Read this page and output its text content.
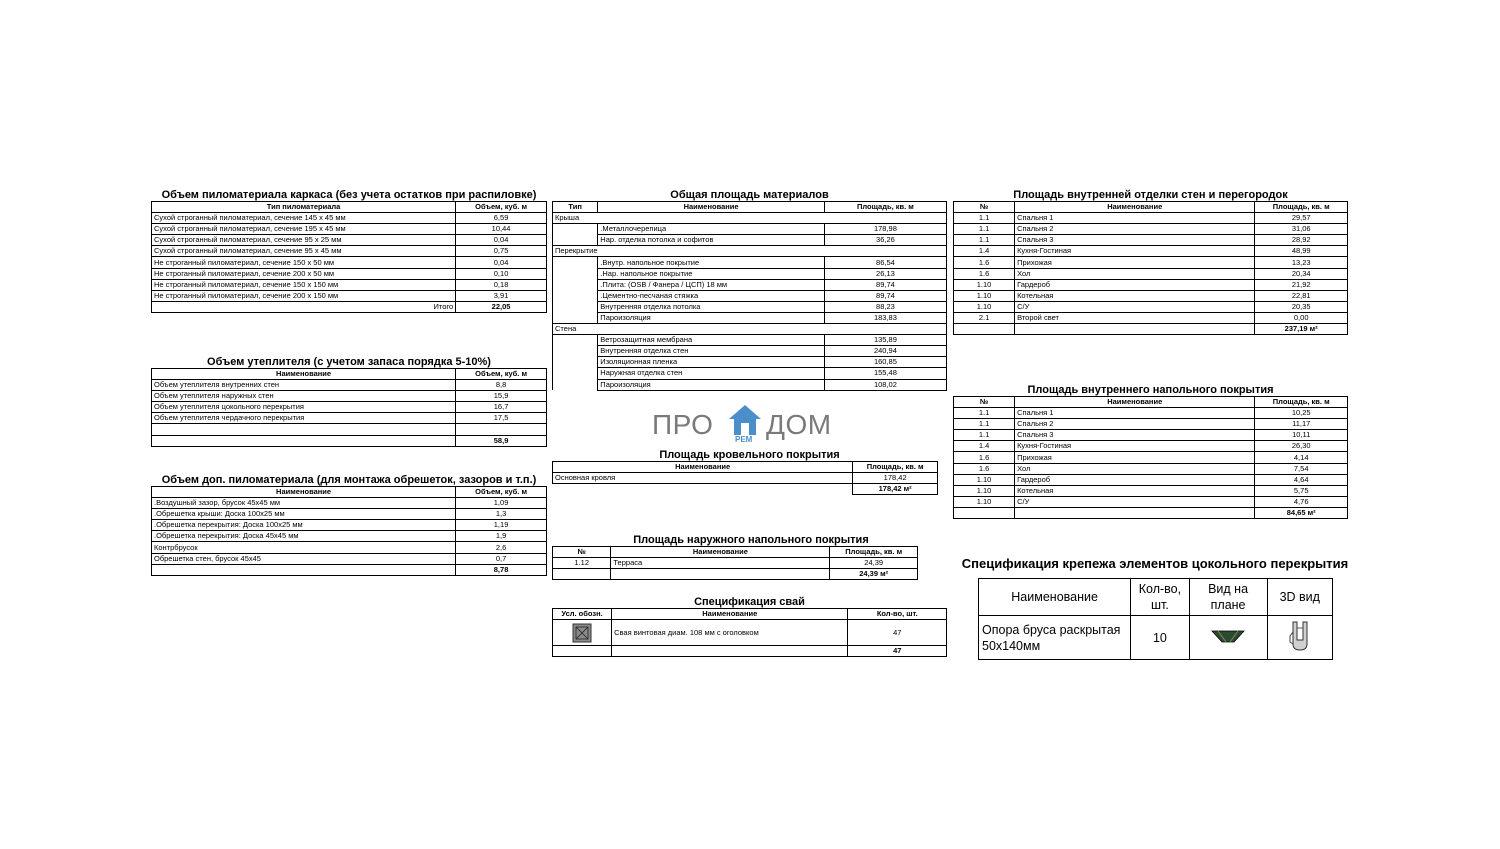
Объем пиломатериала каркаса (без учета остатков при распиловке)
Тип пиломатериала	Объем, куб. м
Сухой строганный пиломатериал, сечение 145 х 45 мм	6,59
Сухой строганный пиломатериал, сечение 195 х 45 мм	10,44
Сухой строганный пиломатериал, сечение 95 х 25 мм	0,04
Сухой строганный пиломатериал, сечение 95 х 45 мм	0,75
Не строганный пиломатериал, сечение 150 х 50 мм	0,04
Не строганный пиломатериал, сечение 200 х 50 мм	0,10
Не строганный пиломатериал, сечение 150 х 150 мм	0,18
Не строганный пиломатериал, сечение 200 х 150 мм	3,91
Итого	22,05
Объем утеплителя (с учетом запаса порядка 5-10%)
Наименование	Объем, куб. м
Объем утеплителя внутренних стен	8,8
Объем утеплителя наружных стен	15,9
Объем утеплителя цокольного перекрытия	16,7
Объем утеплителя чердачного перекрытия	17,5

	58,9
Объем доп. пиломатериала (для монтажа обрешеток, зазоров и т.п.)
Наименование	Объем, куб. м
.Воздушный зазор, брусок 45х45 мм	1,09
.Обрешетка крыши: Доска 100х25 мм	1,3
.Обрешетка перекрытия: Доска 100х25 мм	1,19
.Обрешетка перекрытия: Доска 45х45 мм	1,9
Контрбрусок	2,6
Обрешетка стен, брусок 45х45	0,7
	8,78
Общая площадь материалов
Тип	Наименование	Площадь, кв. м
Крыша		
	.Металлочерепица	178,98
	Нар. отделка потолка и софитов	36,26
Перекрытие		
	.Внутр. напольное покрытие	86,54
	.Нар. напольное покрытие	26,13
	.Плита: (OSB / Фанера / ЦСП) 18 мм	89,74
	.Цементно-песчаная стяжка	89,74
	Внутренняя отделка потолка	88,23
	Пароизоляция	183,83
Стена		
	Ветрозащитная мембрана	135,89
	Внутренняя отделка стен	240,94
	Изоляционная пленка	160,85
	Наружная отделка стен	155,48
	Пароизоляция	108,02
ПРО	РЕМ ДОМ
Площадь кровельного покрытия
Наименование	Площадь, кв. м
Основная кровля	178,42
	178,42 м²
Площадь наружного напольного покрытия
№	Наименование	Площадь, кв. м
1.12	Терраса	24,39
		24,39 м²
Спецификация свай
Усл. обозн.	Наименование	Кол-во, шт.
	Свая винтовая диам. 108 мм с оголовком	47
		47
Площадь внутренней отделки стен и перегородок
№	Наименование	Площадь, кв. м
1.1	Спальня 1	29,57
1.1	Спальня 2	31,06
1.1	Спальня 3	28,92
1.4	Кухня-Гостиная	48,99
1.6	Прихожая	13,23
1.6	Хол	20,34
1.10	Гардероб	21,92
1.10	Котельная	22,81
1.10	С/У	20,35
2.1	Второй свет	0,00
		237,19 м²
Площадь внутреннего напольного покрытия
№	Наименование	Площадь, кв. м
1.1	Спальня 1	10,25
1.1	Спальня 2	11,17
1.1	Спальня 3	10,11
1.4	Кухня-Гостиная	26,30
1.6	Прихожая	4,14
1.6	Хол	7,54
1.10	Гардероб	4,64
1.10	Котельная	5,75
1.10	С/У	4,76
		84,65 м²
Спецификация крепежа элементов цокольного перекрытия
Наименование	Кол-во, шт.	Вид на плане	3D вид
Опора бруса раскрытая 50х140мм	10		
